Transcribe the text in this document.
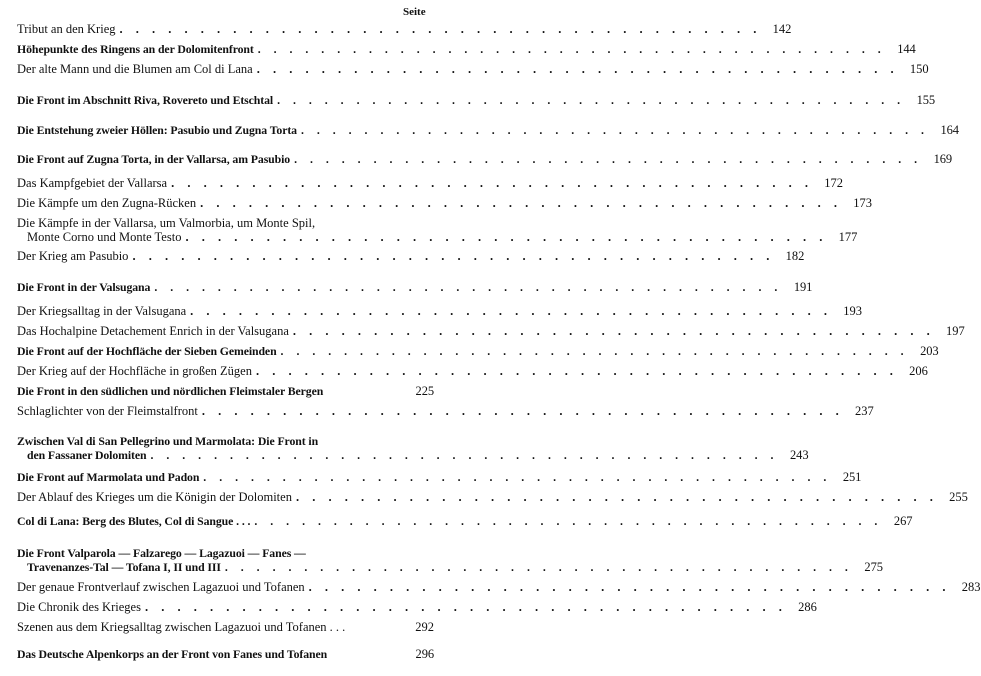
Seite
Tribut an den Krieg . . . . . . . . . . . . . . . . . . . . . . . . . . . . . . . . . . . . . . . . 142
Höhepunkte des Ringens an der Dolomitenfront . . . . . . . . . . . . . . . . . . . . . . . . . . . . . . . . . . . . . . . . 144
Der alte Mann und die Blumen am Col di Lana . . . . . . . . . . . . . . . . . . . . . . . . . . . . . . . . . . . . . . . . 150
Die Front im Abschnitt Riva, Rovereto und Etschtal . . . . . . . . . . . . . . . . . . . . . . . . . . . . . . . . . . . . . . . . 155
Die Entstehung zweier Höllen: Pasubio und Zugna Torta . . . . . . . . . . . . . . . . . . . . . . . . . . . . . . . . . . . . . . . . 164
Die Front auf Zugna Torta, in der Vallarsa, am Pasubio . . . . . . . . . . . . . . . . . . . . . . . . . . . . . . . . . . . . . . . . 169
Das Kampfgebiet der Vallarsa . . . . . . . . . . . . . . . . . . . . . . . . . . . . . . . . . . . . . . . . 172
Die Kämpfe um den Zugna-Rücken . . . . . . . . . . . . . . . . . . . . . . . . . . . . . . . . . . . . . . . . 173
Die Kämpfe in der Vallarsa, um Valmorbia, um Monte Spil,
Monte Corno und Monte Testo . . . . . . . . . . . . . . . . . . . . . . . . . . . . . . . . . . . . . . . . 177
Der Krieg am Pasubio . . . . . . . . . . . . . . . . . . . . . . . . . . . . . . . . . . . . . . . . 182
Die Front in der Valsugana . . . . . . . . . . . . . . . . . . . . . . . . . . . . . . . . . . . . . . . . 191
Der Kriegsalltag in der Valsugana . . . . . . . . . . . . . . . . . . . . . . . . . . . . . . . . . . . . . . . . 193
Das Hochalpine Detachement Enrich in der Valsugana . . . . . . . . . . . . . . . . . . . . . . . . . . . . . . . . . . . . . . . . 197
Die Front auf der Hochfläche der Sieben Gemeinden . . . . . . . . . . . . . . . . . . . . . . . . . . . . . . . . . . . . . . . . 203
Der Krieg auf der Hochfläche in großen Zügen . . . . . . . . . . . . . . . . . . . . . . . . . . . . . . . . . . . . . . . . 206
Die Front in den südlichen und nördlichen Fleimstaler Bergen	225
Schlaglichter von der Fleimstalfront . . . . . . . . . . . . . . . . . . . . . . . . . . . . . . . . . . . . . . . . 237
Zwischen Val di San Pellegrino und Marmolata: Die Front in
den Fassaner Dolomiten . . . . . . . . . . . . . . . . . . . . . . . . . . . . . . . . . . . . . . . . 243
Die Front auf Marmolata und Padon . . . . . . . . . . . . . . . . . . . . . . . . . . . . . . . . . . . . . . . . 251
Der Ablauf des Krieges um die Königin der Dolomiten . . . . . . . . . . . . . . . . . . . . . . . . . . . . . . . . . . . . . . . . 255
Col di Lana: Berg des Blutes, Col di Sangue . . . . . . . . . . . . . . . . . . . . . . . . . . . . . . . . . . . . . . . . . . . 267
Die Front Valparola — Falzarego — Lagazuoi — Fanes —
Travenanzes-Tal — Tofana I, II und III . . . . . . . . . . . . . . . . . . . . . . . . . . . . . . . . . . . . . . . . 275
Der genaue Frontverlauf zwischen Lagazuoi und Tofanen . . . . . . . . . . . . . . . . . . . . . . . . . . . . . . . . . . . . . . . . 283
Die Chronik des Krieges . . . . . . . . . . . . . . . . . . . . . . . . . . . . . . . . . . . . . . . . 286
Szenen aus dem Kriegsalltag zwischen Lagazuoi und Tofanen . . .	292
Das Deutsche Alpenkorps an der Front von Fanes und Tofanen	296
